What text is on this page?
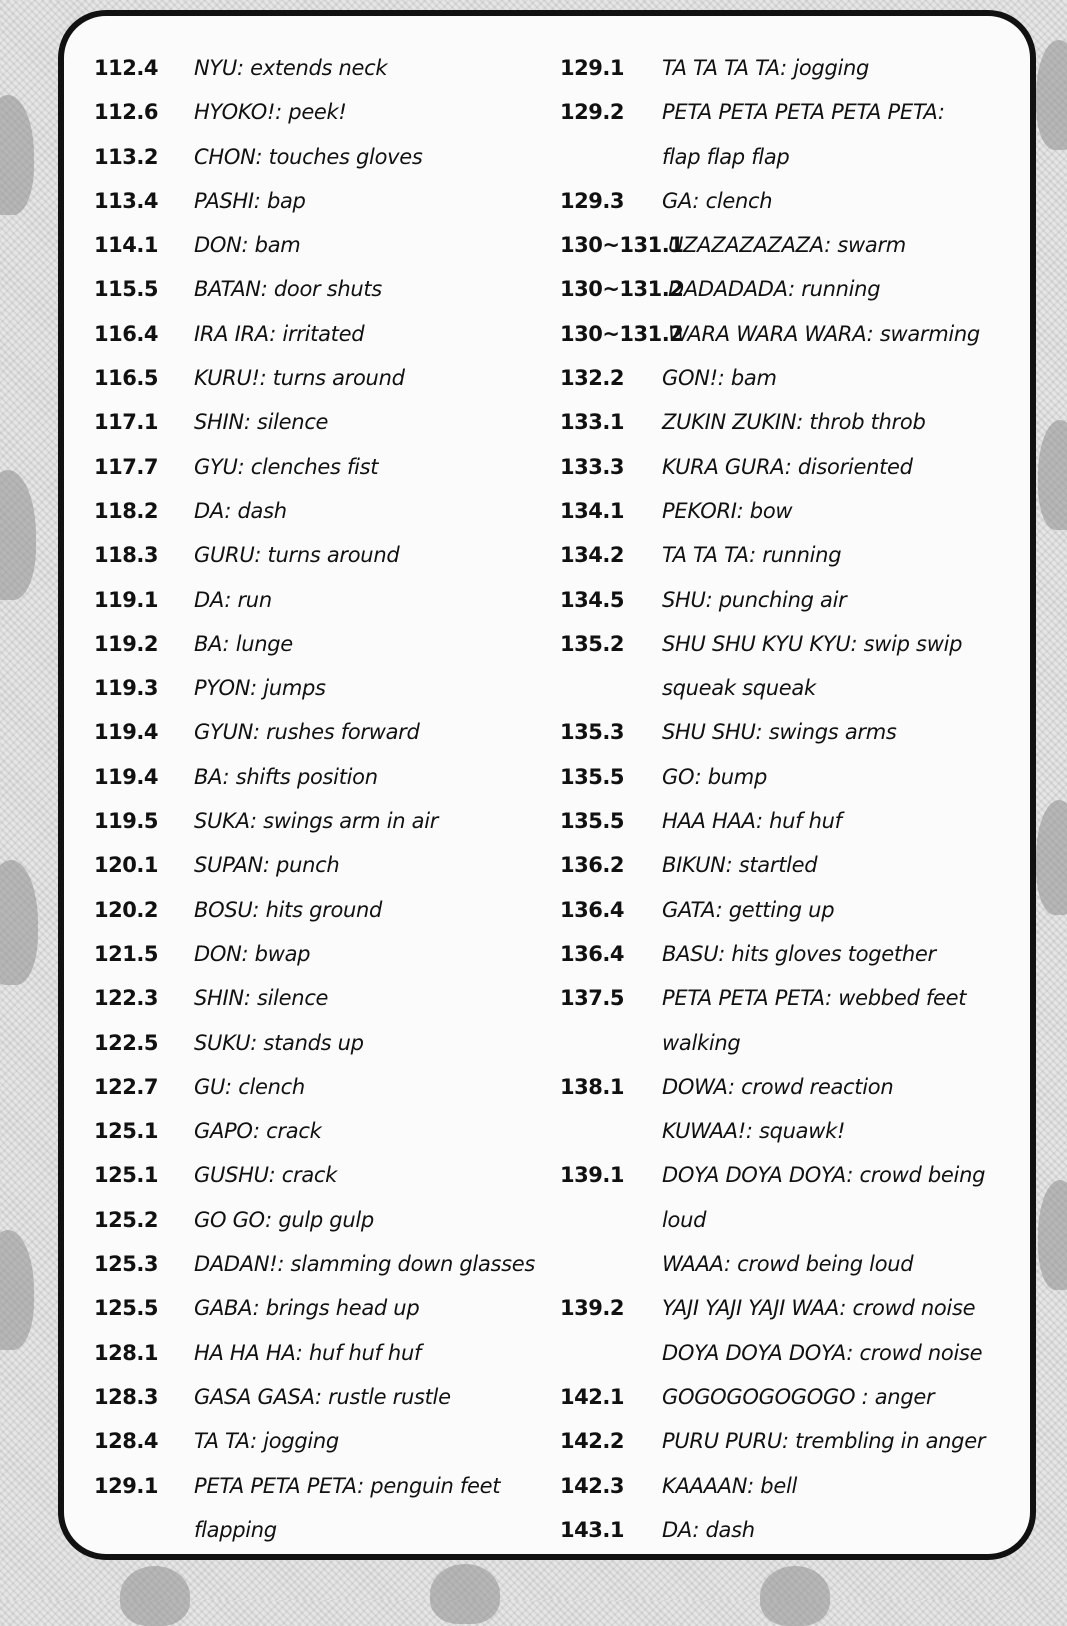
112.4 NYU: extends neck
112.6 HYOKO!: peek!
113.2 CHON: touches gloves
113.4 PASHI: bap
114.1 DON: bam
115.5 BATAN: door shuts
116.4 IRA IRA: irritated
116.5 KURU!: turns around
117.1 SHIN: silence
117.7 GYU: clenches fist
118.2 DA: dash
118.3 GURU: turns around
119.1 DA: run
119.2 BA: lunge
119.3 PYON: jumps
119.4 GYUN: rushes forward
119.4 BA: shifts position
119.5 SUKA: swings arm in air
120.1 SUPAN: punch
120.2 BOSU: hits ground
121.5 DON: bwap
122.3 SHIN: silence
122.5 SUKU: stands up
122.7 GU: clench
125.1 GAPO: crack
125.1 GUSHU: crack
125.2 GO GO: gulp gulp
125.3 DADAN!: slamming down glasses
125.5 GABA: brings head up
128.1 HA HA HA: huf huf huf
128.3 GASA GASA: rustle rustle
128.4 TA TA: jogging
129.1 PETA PETA PETA: penguin feet
flapping
129.1 TA TA TA TA: jogging
129.2 PETA PETA PETA PETA PETA:
flap flap flap
129.3 GA: clench
130~131.1
UZAZAZAZAZA: swarm
130~131.2
DADADADA: running
130~131.2
WARA WARA WARA: swarming
132.2 GON!: bam
133.1 ZUKIN ZUKIN: throb throb
133.3 KURA GURA: disoriented
134.1 PEKORI: bow
134.2 TA TA TA: running
134.5 SHU: punching air
135.2 SHU SHU KYU KYU: swip swip
squeak squeak
135.3 SHU SHU: swings arms
135.5 GO: bump
135.5 HAA HAA: huf huf
136.2 BIKUN: startled
136.4 GATA: getting up
136.4 BASU: hits gloves together
137.5 PETA PETA PETA: webbed feet
walking
138.1 DOWA: crowd reaction
KUWAA!: squawk!
139.1 DOYA DOYA DOYA: crowd being
loud
WAAA: crowd being loud
139.2 YAJI YAJI YAJI WAA: crowd noise
DOYA DOYA DOYA: crowd noise
142.1 GOGOGOGOGOGO : anger
142.2 PURU PURU: trembling in anger
142.3 KAAAAN: bell
143.1 DA: dash
